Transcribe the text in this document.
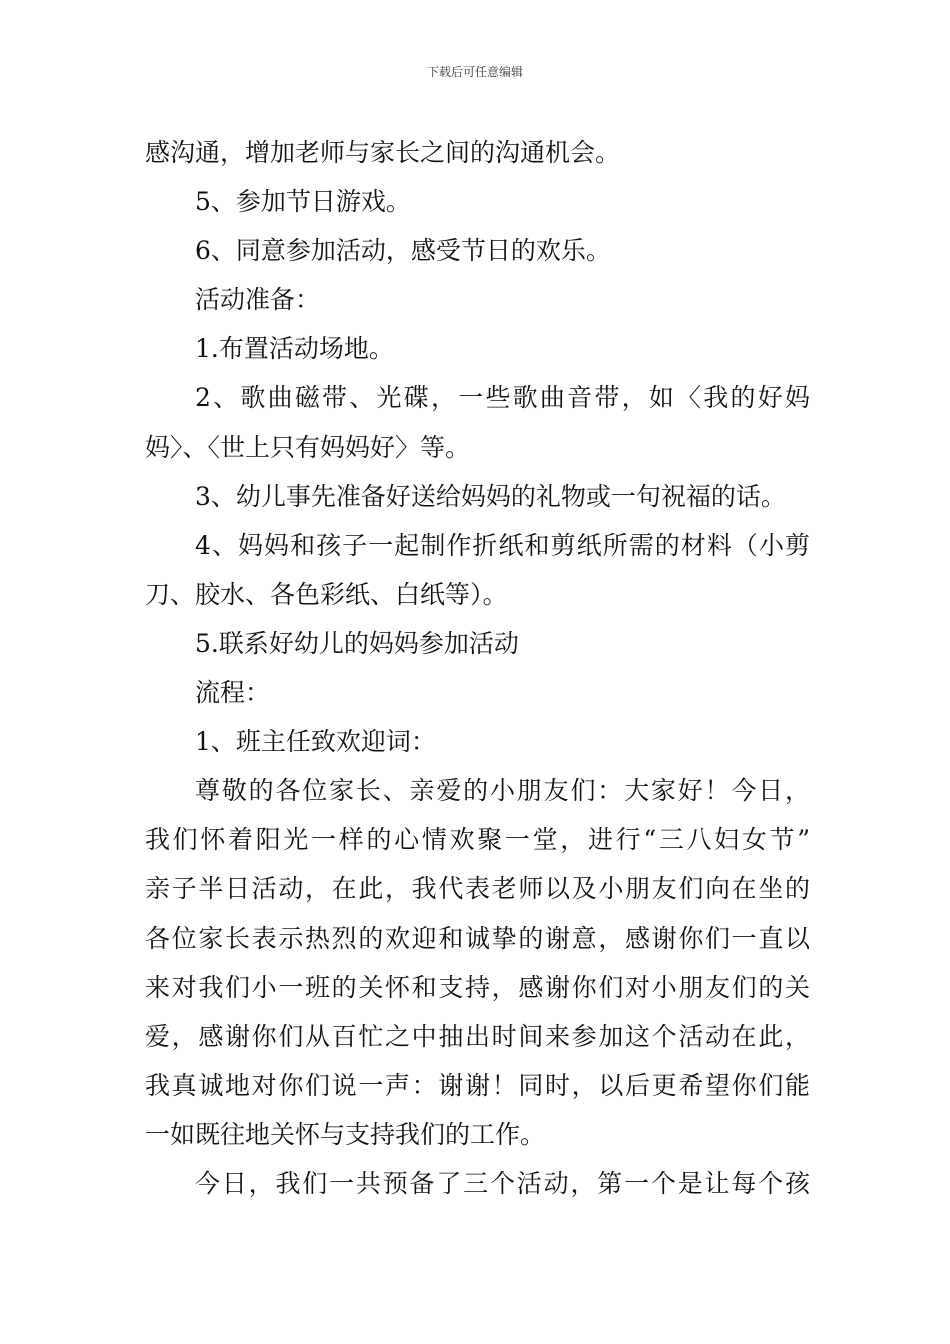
下载后可任意编辑
感沟通，增加老师与家长之间的沟通机会。
5、参加节日游戏。
6、同意参加活动，感受节日的欢乐。
活动准备：
1.布置活动场地。
2、歌曲磁带、光碟，一些歌曲音带，如〈我的好妈
妈〉、〈世上只有妈妈好〉等。
3、幼儿事先准备好送给妈妈的礼物或一句祝福的话。
4、妈妈和孩子一起制作折纸和剪纸所需的材料（小剪
刀、胶水、各色彩纸、白纸等）。
5.联系好幼儿的妈妈参加活动
流程：
1、班主任致欢迎词：
尊敬的各位家长、亲爱的小朋友们：大家好！今日，
我们怀着阳光一样的心情欢聚一堂，进行“三八妇女节”
亲子半日活动，在此，我代表老师以及小朋友们向在坐的
各位家长表示热烈的欢迎和诚挚的谢意，感谢你们一直以
来对我们小一班的关怀和支持，感谢你们对小朋友们的关
爱，感谢你们从百忙之中抽出时间来参加这个活动在此，
我真诚地对你们说一声：谢谢！同时，以后更希望你们能
一如既往地关怀与支持我们的工作。
今日，我们一共预备了三个活动，第一个是让每个孩
